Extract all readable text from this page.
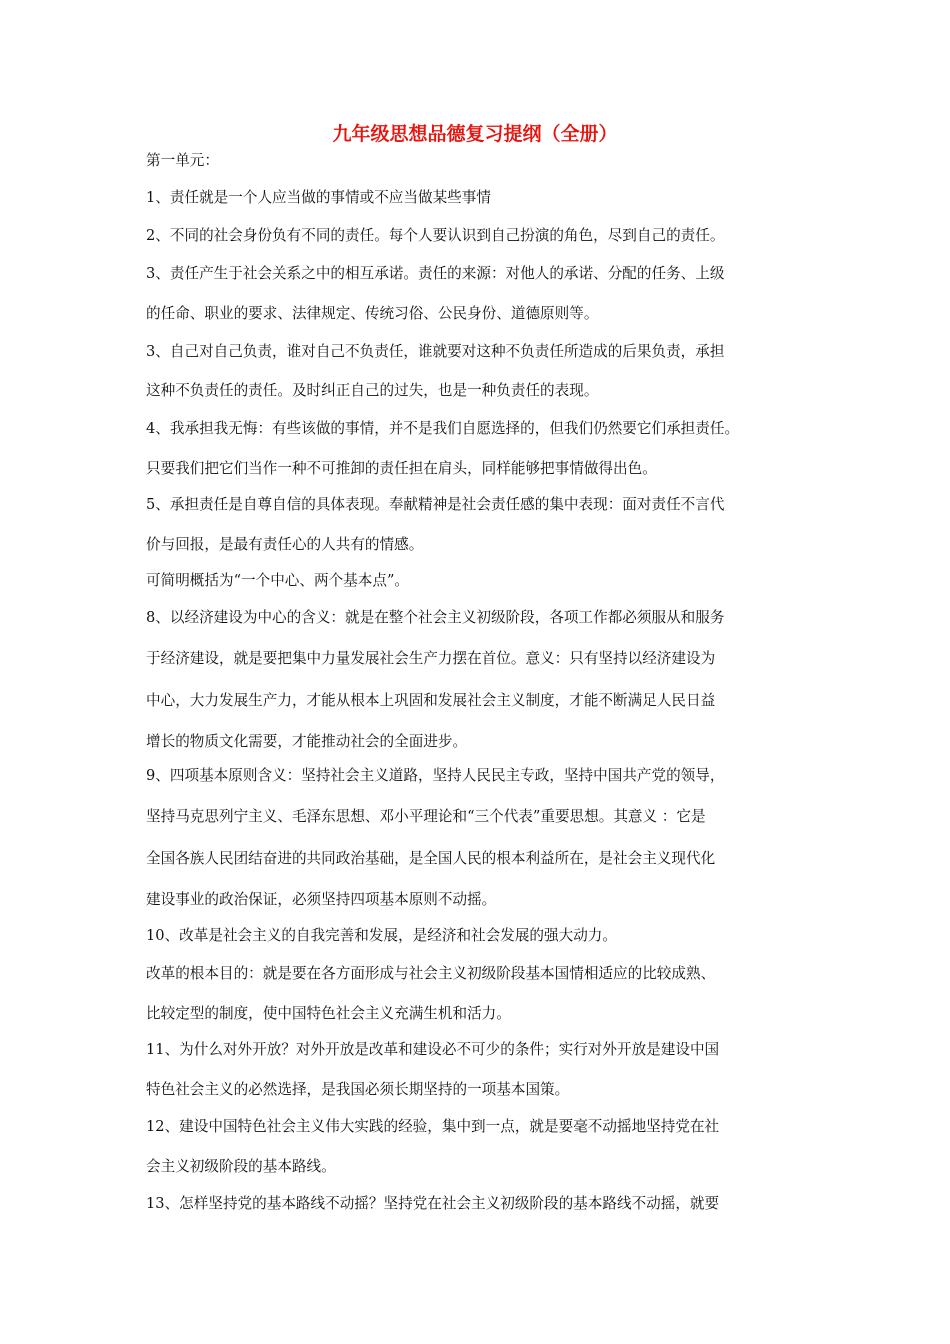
九年级思想品德复习提纲（全册）
第一单元：
1、责任就是一个人应当做的事情或不应当做某些事情
2、不同的社会身份负有不同的责任。每个人要认识到自己扮演的角色，尽到自己的责任。
3、责任产生于社会关系之中的相互承诺。责任的来源：对他人的承诺、分配的任务、上级
的任命、职业的要求、法律规定、传统习俗、公民身份、道德原则等。
3、自己对自己负责，谁对自己不负责任，谁就要对这种不负责任所造成的后果负责，承担
这种不负责任的责任。及时纠正自己的过失，也是一种负责任的表现。
4、我承担我无悔：有些该做的事情，并不是我们自愿选择的，但我们仍然要它们承担责任。
只要我们把它们当作一种不可推卸的责任担在肩头，同样能够把事情做得出色。
5、承担责任是自尊自信的具体表现。奉献精神是社会责任感的集中表现：面对责任不言代
价与回报，是最有责任心的人共有的情感。
可简明概括为“一个中心、两个基本点”。
8、以经济建设为中心的含义：就是在整个社会主义初级阶段，各项工作都必须服从和服务
于经济建设，就是要把集中力量发展社会生产力摆在首位。意义：只有坚持以经济建设为
中心，大力发展生产力，才能从根本上巩固和发展社会主义制度，才能不断满足人民日益
增长的物质文化需要，才能推动社会的全面进步。
9、四项基本原则含义：坚持社会主义道路，坚持人民民主专政，坚持中国共产党的领导，
坚持马克思列宁主义、毛泽东思想、邓小平理论和“三个代表”重要思想。其意义 ：它是
全国各族人民团结奋进的共同政治基础，是全国人民的根本利益所在，是社会主义现代化
建设事业的政治保证，必须坚持四项基本原则不动摇。
10、改革是社会主义的自我完善和发展，是经济和社会发展的强大动力。
改革的根本目的：就是要在各方面形成与社会主义初级阶段基本国情相适应的比较成熟、
比较定型的制度，使中国特色社会主义充满生机和活力。
11、为什么对外开放？对外开放是改革和建设必不可少的条件；实行对外开放是建设中国
特色社会主义的必然选择，是我国必须长期坚持的一项基本国策。
12、建设中国特色社会主义伟大实践的经验，集中到一点，就是要毫不动摇地坚持党在社
会主义初级阶段的基本路线。
13、怎样坚持党的基本路线不动摇？坚持党在社会主义初级阶段的基本路线不动摇，就要
